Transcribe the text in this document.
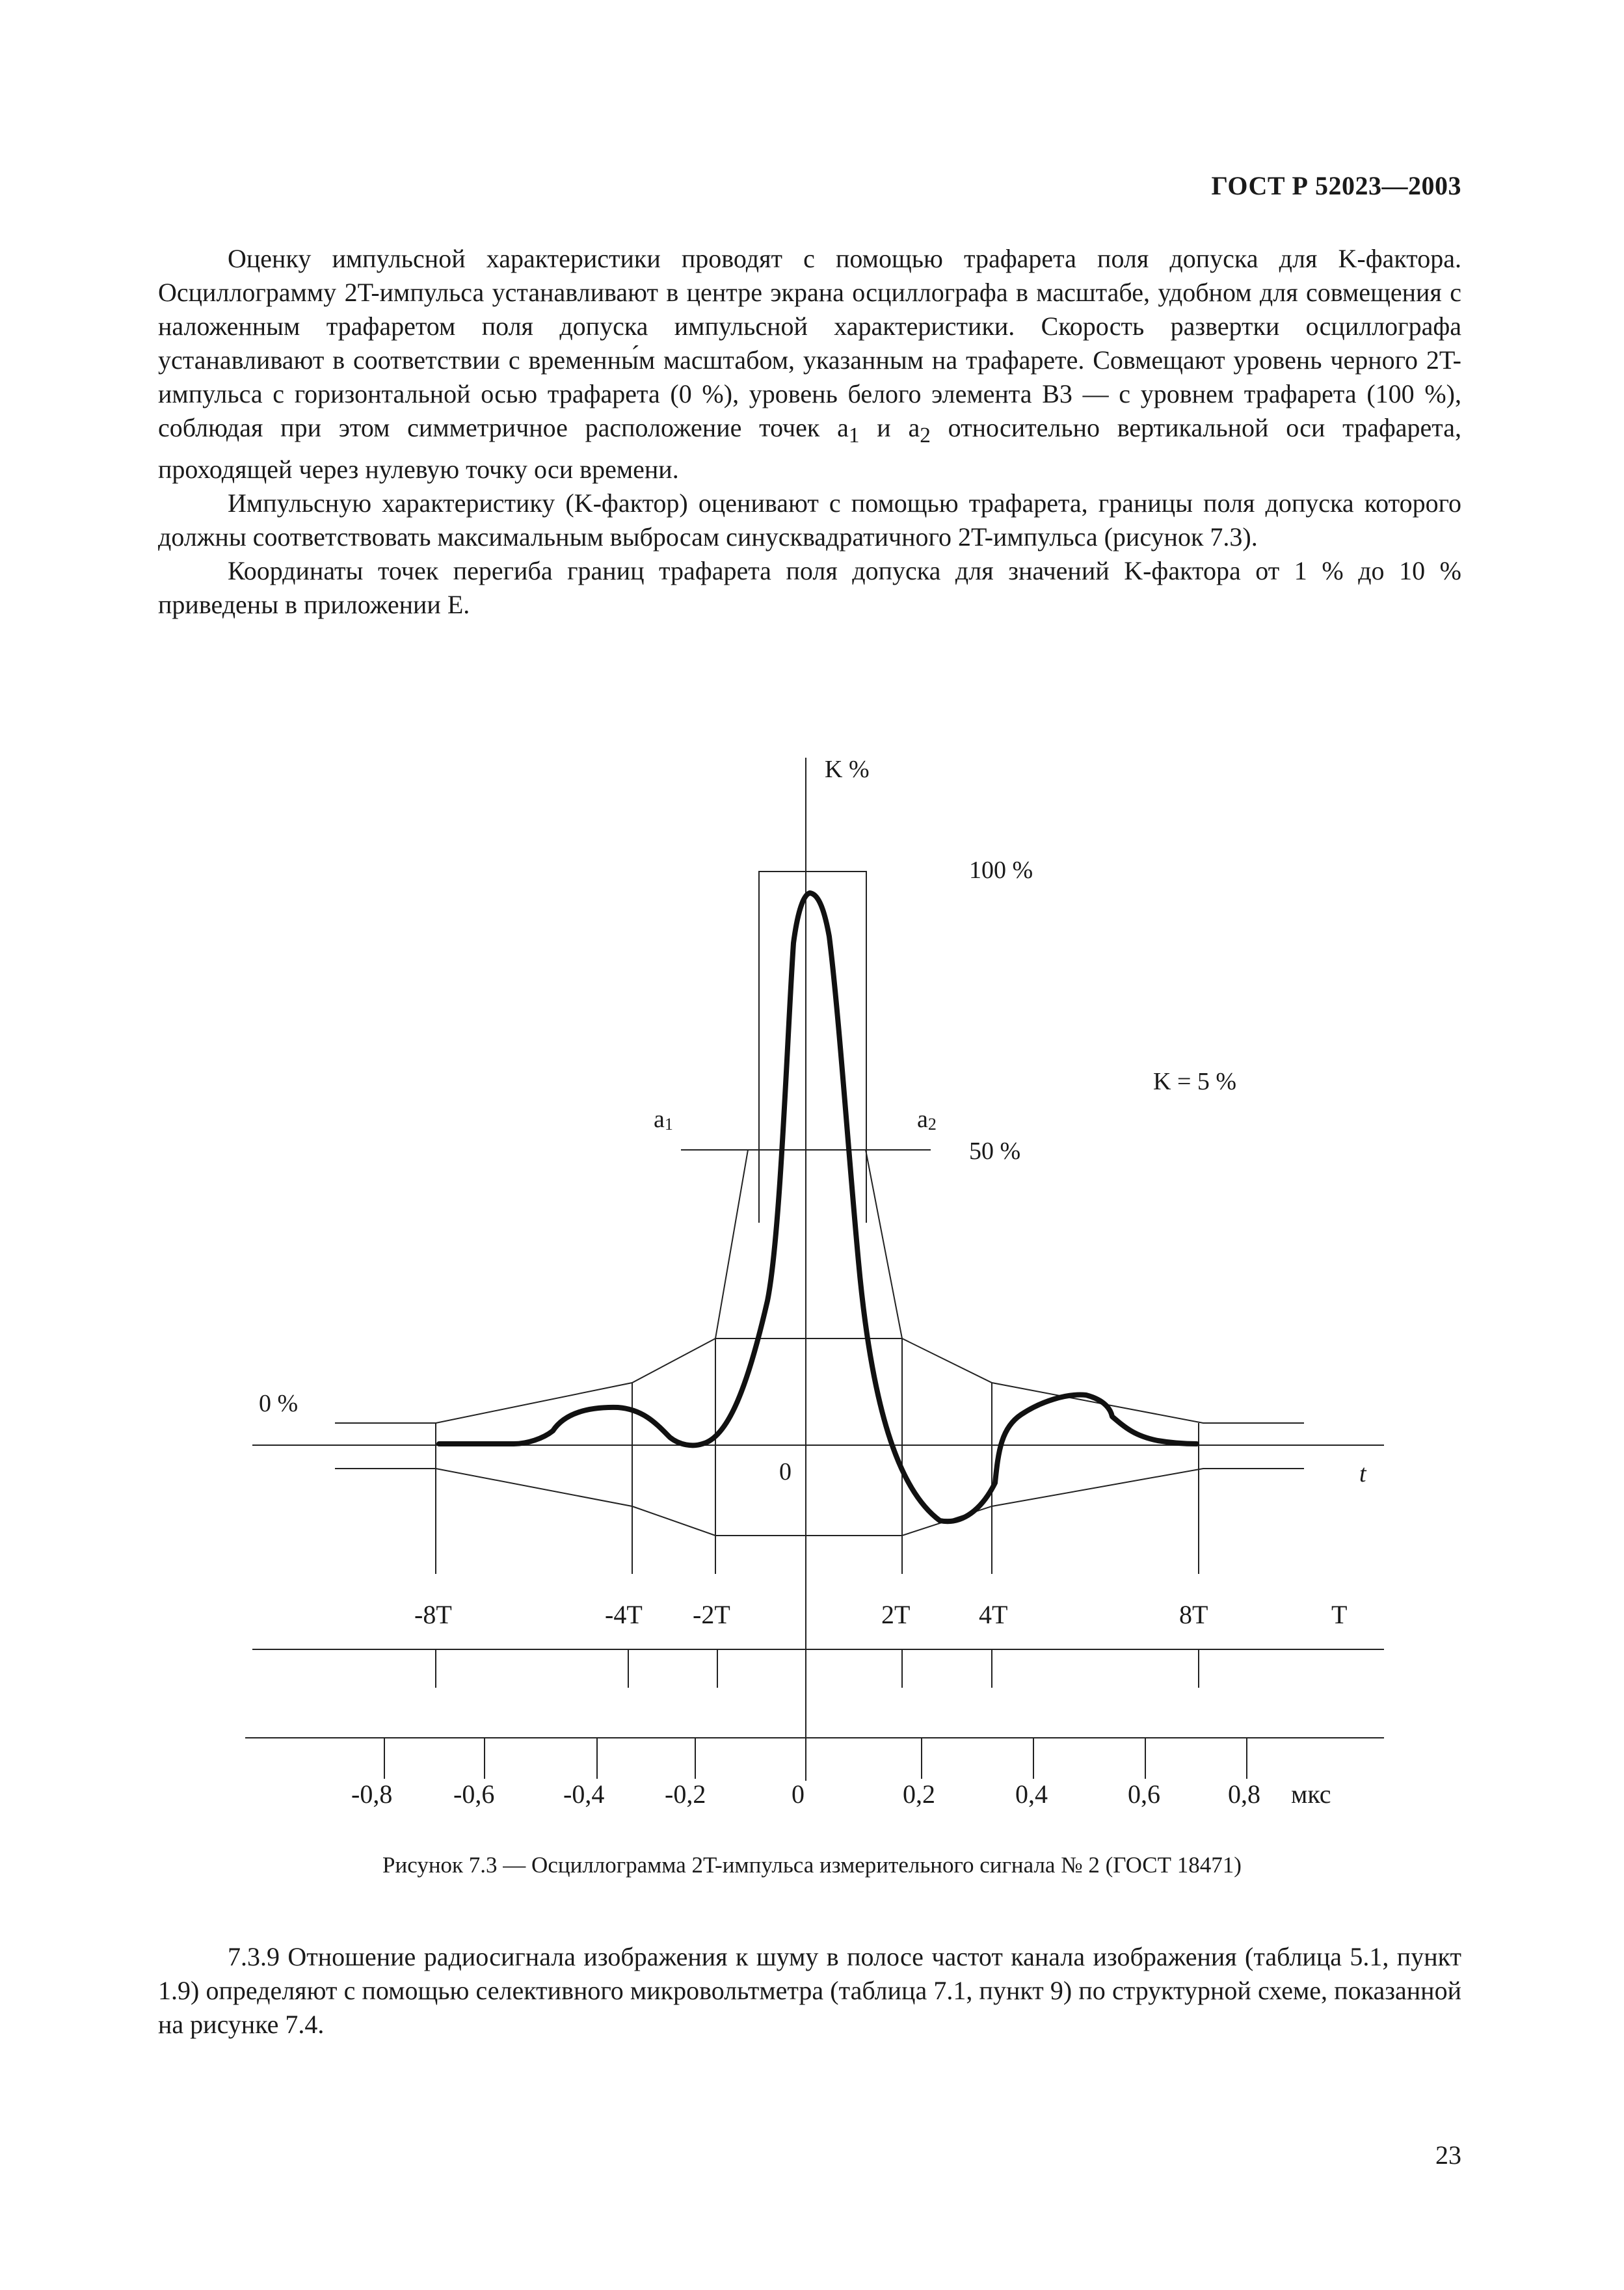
ГОСТ Р 52023—2003

Оценку импульсной характеристики проводят с помощью трафарета поля допуска для K-фактора. Осциллограмму 2T-импульса устанавливают в центре экрана осциллографа в масштабе, удобном для совмещения с наложенным трафаретом поля допуска импульсной характеристики. Скорость развертки осциллографа устанавливают в соответствии с временны́м масштабом, указанным на трафарете. Совмещают уровень черного 2T-импульса с горизонтальной осью трафарета (0 %), уровень белого элемента В3 — с уровнем трафарета (100 %), соблюдая при этом симметричное расположение точек $a_1$ и $a_2$ относительно вертикальной оси трафарета, проходящей через нулевую точку оси времени.

Импульсную характеристику (K-фактор) оценивают с помощью трафарета, границы поля допуска которого должны соответствовать максимальным выбросам синусквадратичного 2T-импульса (рисунок 7.3).

Координаты точек перегиба границ трафарета поля допуска для значений K-фактора от 1 % до 10 % приведены в приложении Е.

K %
100 %
K = 5 %
a1	a2
50 %
0 %
0	t
-8T	-4T -2T	2T	4T	8T	T
-0,8 -0,6	-0,4 -0,2	0	0,2	0,4	0,6	0,8 мкс
Рисунок 7.3 — Осциллограмма 2T-импульса измерительного сигнала № 2 (ГОСТ 18471)

7.3.9 Отношение радиосигнала изображения к шуму в полосе частот канала изображения (таблица 5.1, пункт 1.9) определяют с помощью селективного микровольтметра (таблица 7.1, пункт 9) по структурной схеме, показанной на рисунке 7.4.

23
